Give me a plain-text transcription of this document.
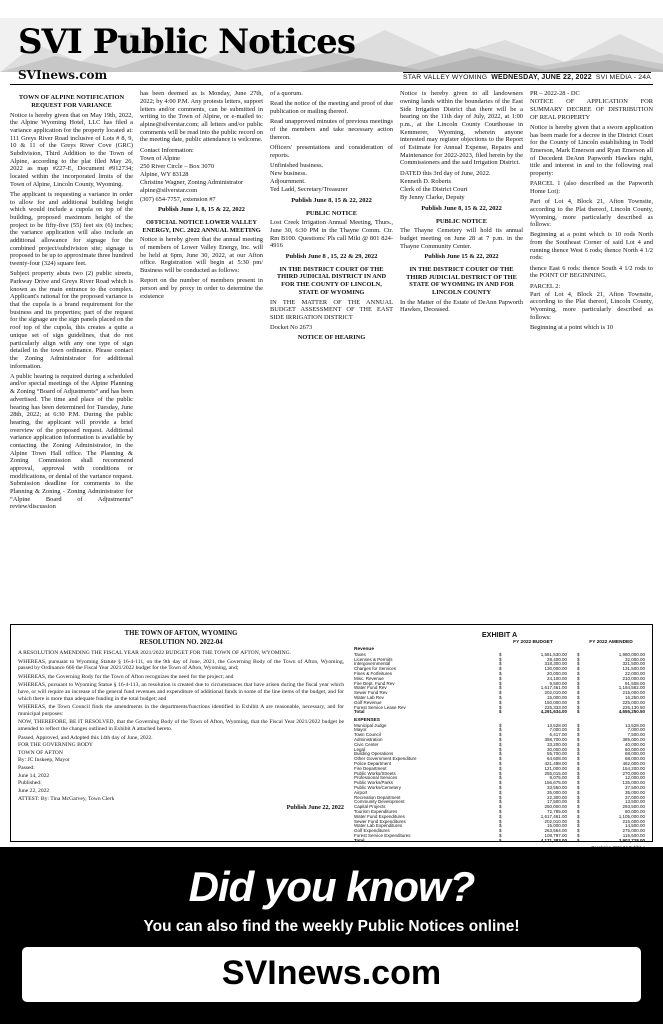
SVI Public Notices
SVInews.com	STAR VALLEY WYOMING WEDNESDAY, JUNE 22, 2022 SVI MEDIA - 24A
TOWN OF ALPINE NOTIFICATION REQUEST FOR VARIANCE
Notice is hereby given that on May 19th, 2022, the Alpine Wyoming Hotel, LLC has filed a variance application for the property located at: 111 Greys River Road inclusive of Lots # 8, 9, 10 & 11 of the Greys River Cove (GRC) Subdivision, Third Addition to the Town of Alpine, according to the plat filed May 26, 2022 as map #227-E, Document #912734; located within the incorporated limits of the Town of Alpine, Lincoln County, Wyoming.
The applicant is requesting a variance in order to allow for and additional building height which would include a cupola on top of the building, proposed maximum height of the project to be fifty-five (55) feet six (6) inches; the variance application will also include an additional allowance for signage for the combined project/subdivision site; signage is proposed to be up to approximate three hundred twenty-four (324) square feet.
Subject property abuts two (2) public streets, Parkway Drive and Greys River Road which is known as the main entrance to the complex. Applicant's rational for the proposed variance is that the cupola is a brand requirement for the business and its properties; part of the request for the signage are the sign panels placed on the roof top of the cupola, this creates a quite a unique set of sign guidelines, that do not particularly align with any one type of sign detailed in the town ordinance. Please contact the Zoning Administrator for additional information.
A public hearing is required during a scheduled and/or special meetings of the Alpine Planning & Zoning “Board of Adjustments” and has been advertised. The time and place of the public hearing has been determined for Tuesday, June 28th, 2022; at 6:30 P.M. During the public hearing, the applicant will provide a brief overview of the proposed request. Additional variance application information is available by contacting the Zoning Administrator, in the Alpine Town Hall office. The Planning & Zoning Commission shall recommend approval, approval with conditions or modifications, or denial of the variance request. Submission deadline for comments to the Planning & Zoning - Zoning Administrator for “Alpine Board of Adjustments” review/discussion
has been deemed as is Monday, June 27th, 2022; by 4:00 P.M. Any protests letters, support letters and/or comments, can be submitted in writing to the Town of Alpine, or e-mailed to: alpine@silverstar.com; all letters and/or public comments will be read into the public record on the meeting date, public attendance is welcome.
Contact Information:
Town of Alpine
250 River Circle – Box 3070
Alpine, WY 83128
Christine Wagner, Zoning Administrator
alpine@silverstar.com
(307) 654-7757, extension #7
Publish June 1, 8, 15 & 22, 2022
OFFICIAL NOTICE LOWER VALLEY ENERGY, INC. 2022 ANNUAL MEETING
Notice is hereby given that the annual meeting of members of Lower Valley Energy, Inc. will be held at 6pm, June 30, 2022, at our Afton office. Registration will begin at 5:30 pm/ Business will be conducted as follows:
Report on the number of members present in person and by proxy in order to determine the existence
of a quorum.
Read the notice of the meeting and proof of due publication or mailing thereof.
Read unapproved minutes of previous meetings of the members and take necessary action thereon.
Officers' presentations and consideration of reports.
Unfinished business.
New business.
Adjournment.
Ted Ladd, Secretary/Treasurer
Publish June 8, 15 & 22, 2022
PUBLIC NOTICE
Lost Creek Irrigation Annual Meeting, Thurs., June 30, 6:30 PM in the Thayne Comm. Ctr. Rm B100. Questions: Pls call Miki @ 801 824-4916
Publish June 8 , 15, 22 & 29, 2022
IN THE DISTRICT COURT OF THE THIRD JUDICIAL DISTRICT IN AND FOR THE COUNTY OF LINCOLN, STATE OF WYOMING
IN THE MATTER OF THE ANNUAL BUDGET ASSESSMENT OF THE EAST SIDE IRRIGATION DISTRICT
Docket No 2673
NOTICE OF HEARING
Notice is hereby given to all landowners owning lands within the boundaries of the East Side Irrigation District that there will be a hearing on the 11th day of July, 2022, at 1:00 p.m., at the Lincoln County Courthouse in Kemmerer, Wyoming, wherein anyone interested may register objections to the Report of Estimate for Annual Expense, Repairs and Maintenance for 2022-2023, filed herein by the Commissioners and the said Irrigation District.
DATED this 3rd day of June, 2022.
Kenneth D. Roberts
Clerk of the District Court
By Jenny Clarke, Deputy
Publish June 8, 15 & 22, 2022
PUBLIC NOTICE
The Thayne Cemetery will hold its annual budget meeting on June 28 at 7 p.m. in the Thayne Community Center.
Publish June 15 & 22, 2022
IN THE DISTRICT COURT OF THE THIRD JUDICIAL DISTRICT OF THE STATE OF WYOMING IN AND FOR LINCOLN COUNTY
In the Matter of the Estate of DeAnn Papworth Hawkes, Deceased.
PR – 2022-28 - DC
NOTICE OF APPLICATION FOR SUMMARY DECREE OF DISTRIBUTION OF REAL PROPERTY
Notice is hereby given that a sworn application has been made for a decree in the District Court for the County of Lincoln establishing in Todd Emerson, Mark Emerson and Ryan Emerson all of Decedent DeAnn Papworth Hawkes right, title and interest in and to the following real property:
PARCEL 1 (also described as the Papworth Home Lot):
Part of Lot 4, Block 21, Afton Townsite, according to the Plat thereof, Lincoln County, Wyoming, more particularly described as follows:
Beginning at a point which is 10 rods North from the Southeast Corner of said Lot 4 and running thence West 6 rods; thence North 4 1/2 rods:
thence East 6 rods: thence South 4 1/2 rods to the POINT OF BEGINNING.
PARCEL 2:
Part of Lot 4, Block 21, Afton Townsite, according to the Plat thereof, Lincoln County, Wyoming, more particularly described as follows:
Beginning at a point which is 10
THE TOWN OF AFTON, WYOMING
RESOLUTION NO. 2022-04
A RESOLUTION AMENDING THE FISCAL YEAR 2021/2022 BUDGET FOR THE TOWN OF AFTON, WYOMING.
WHEREAS, pursuant to Wyoming Statute § 16-4-111, on the 9th day of June, 2021, the Governing Body of the Town of Afton, Wyoming, passed by Ordinance 666 the Fiscal Year 2021/2022 budget for the Town of Afton, Wyoming, and;
WHEREAS, the Governing Body for the Town of Afton recognizes the need for the project; and
WHEREAS, pursuant to Wyoming Statue § 16-4-113, an resolution is created due to circumstances that have arisen during the fiscal year which have, or will require an increase of the general fund revenues and expenditure of additional funds in some of the line items of the budget, and for which there is more than adequate funding in the total budget; and
WHEREAS, the Town Council finds the amendments in the departments/functions identified in Exhibit A are reasonable, necessary, and for municipal purposes:
NOW, THEREFORE, BE IT RESOLVED, that the Governing Body of the Town of Afton, Wyoming, that the Fiscal Year 2021/2022 budget be amended to reflect the changes outlined in Exhibit A attached hereto.
Passed, Approved, and Adopted this 14th day of June, 2022.
FOR THE GOVERNING BODY
TOWN OF AFTON
By: JC Inskeep, Mayor
Passed:
June 14, 2022
Published:
June 22, 2022
ATTEST: By: Tina McGarvey, Town Clerk
Publish June 22, 2022
EXHIBIT A
FY 2022 BUDGET	FY 2022 AMENDED
Revenue
Taxes	$	1,561,530.00 $	1,980,000.00
Licenses & Permits	$	28,400.00 $	32,000.00
Intergovernmental	$	318,300.00 $	321,500.00
Charges for Services	$	130,000.00 $	131,500.00
Fines & Forfeitures	$	20,000.00 $	22,000.00
Misc. Revenue	$	24,100.00 $	210,000.00
Fire Dept. Fund Rev	$	9,500.00 $	91,508.00
Water Fund Rev	$	1,617,461.00 $	1,184,562.00
Sewer Fund Rev	$	202,010.00 $	215,000.00
Water Lab Rev	$	15,000.00 $	16,250.00
Golf Revenue	$	150,000.00 $	225,000.00
Forest Service Lease Rev	$	225,333.00 $	226,130.50
Total	$	4,291,634.00 $	4,655,250.50
EXPENSES
Municipal Judge	$	13,528.00 $	13,528.00
Mayor	$	7,000.00 $	7,000.00
Town Council	$	6,417.00 $	7,500.00
Administration	$	358,700.00 $	385,000.00
Civic Center	$	33,200.00 $	40,000.00
Legal	$	30,000.00 $	60,000.00
Building Operations	$	55,700.00 $	68,000.00
Other Government Expenditure	$	64,608.00 $	68,000.00
Police Department	$	421,498.00 $	462,000.00
Fire Department	$	121,000.00 $	154,200.00
Public Works/Streets	$	255,015.00 $	270,000.00
Professional Services	$	9,075.00 $	12,000.00
Public Works/Parks	$	156,675.00 $	135,000.00
Public Works/Cemetery	$	33,550.00 $	37,500.00
Airport	$	35,000.00 $	35,000.00
Recreation Department	$	22,300.00 $	37,000.00
Community Development	$	17,500.00 $	13,500.00
Capital Projects	$	250,000.00 $	293,500.00
Tourism Expenditures	$	72,785.00 $	80,000.00
Water Fund Expenditures	$	1,617,461.00 $	1,105,000.00
Sewer Fund Expenditures	$	202,010.00 $	215,000.00
Water Lab Expenditures	$	15,000.00 $	14,500.00
Golf Expenditures	$	263,564.00 $	275,000.00
Forest Service Expenditures	$	108,797.00 $	115,500.00
Total	$	4,171,383.00 $	3,903,728.00
Did you know?
You can also find the weekly Public Notices online!
SVInews.com
